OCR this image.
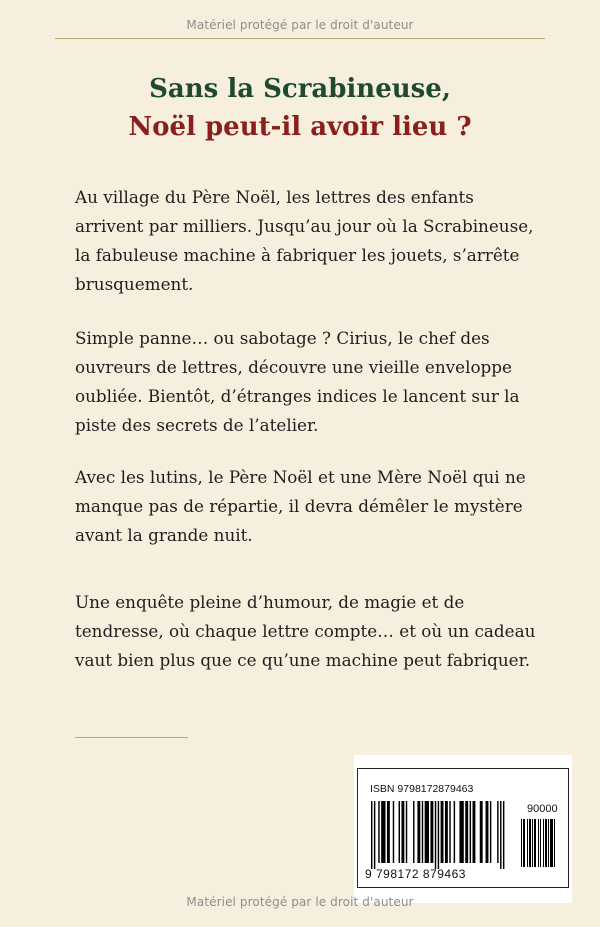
Matériel protégé par le droit d'auteur
Sans la Scrabineuse,
Noël peut-il avoir lieu ?

Au village du Père Noël, les lettres des enfants arrivent par milliers. Jusqu’au jour où la Scrabineuse, la fabuleuse machine à fabriquer les jouets, s’arrête brusquement.

Simple panne… ou sabotage ? Cirius, le chef des ouvreurs de lettres, découvre une vieille enveloppe oubliée. Bientôt, d’étranges indices le lancent sur la piste des secrets de l’atelier.

Avec les lutins, le Père Noël et une Mère Noël qui ne manque pas de répartie, il devra démêler le mystère avant la grande nuit.

Une enquête pleine d’humour, de magie et de tendresse, où chaque lettre compte… et où un cadeau vaut bien plus que ce qu’une machine peut fabriquer.

ISBN 9798172879463
90000
9 798172 879463
Matériel protégé par le droit d'auteur
